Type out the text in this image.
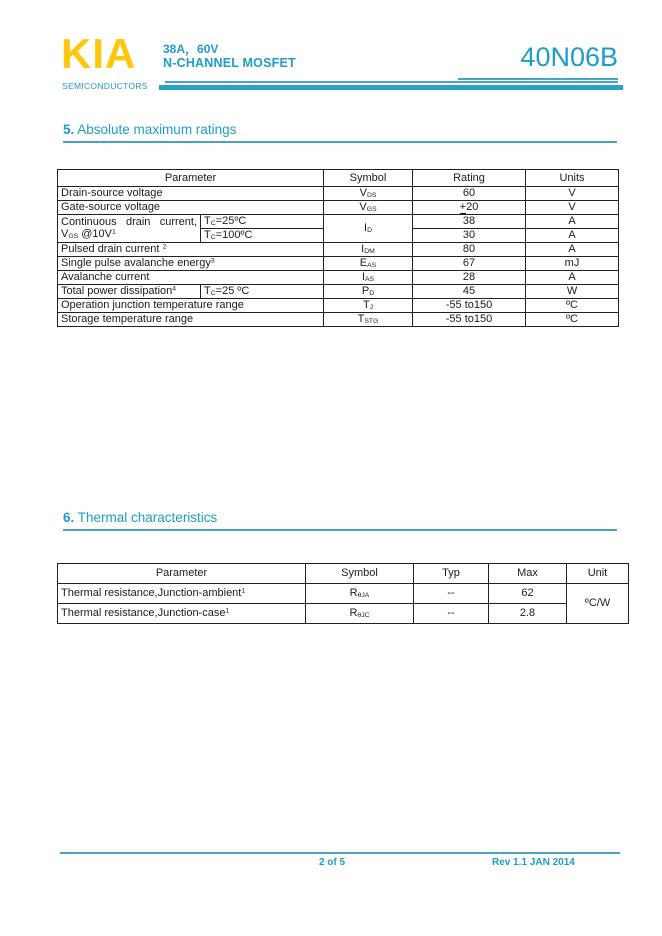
KIA
SEMICONDUCTORS
38A，60V
N-CHANNEL MOSFET	40N06B
5. Absolute maximum ratings
Parameter		Symbol	Rating	Units
Drain-source voltage		$V_{DS}$	60	V
Gate-source voltage		$V_{GS}$	+20	V

Continuous drain current,
$V_{GS}$ $@10V^1$	$T_C=25ºC$	$I_D$	38	A
	$T_C=100ºC$		30	A
Pulsed drain current $^2$		$I_{DM}$	80	A
Single pulse avalanche energy$^3$		$E_{AS}$	67	mJ
Avalanche current		$I_{AS}$	28	A
Total power dissipation$^4$	$T_C=25$ ºC	$P_D$	45	W
Operation junction temperature range		$T_J$	-55 to150	ºC
Storage temperature range		$T_{STG}$	-55 to150	ºC
6. Thermal characteristics
Parameter	Symbol	Typ	Max	Unit
Thermal resistance,Junction-ambient$^1$	$R_{\theta JA}$	--	62	ºC/W
Thermal resistance,Junction-case$^1$	$R_{\theta JC}$	--	2.8	
2 of 5	Rev 1.1 JAN 2014
